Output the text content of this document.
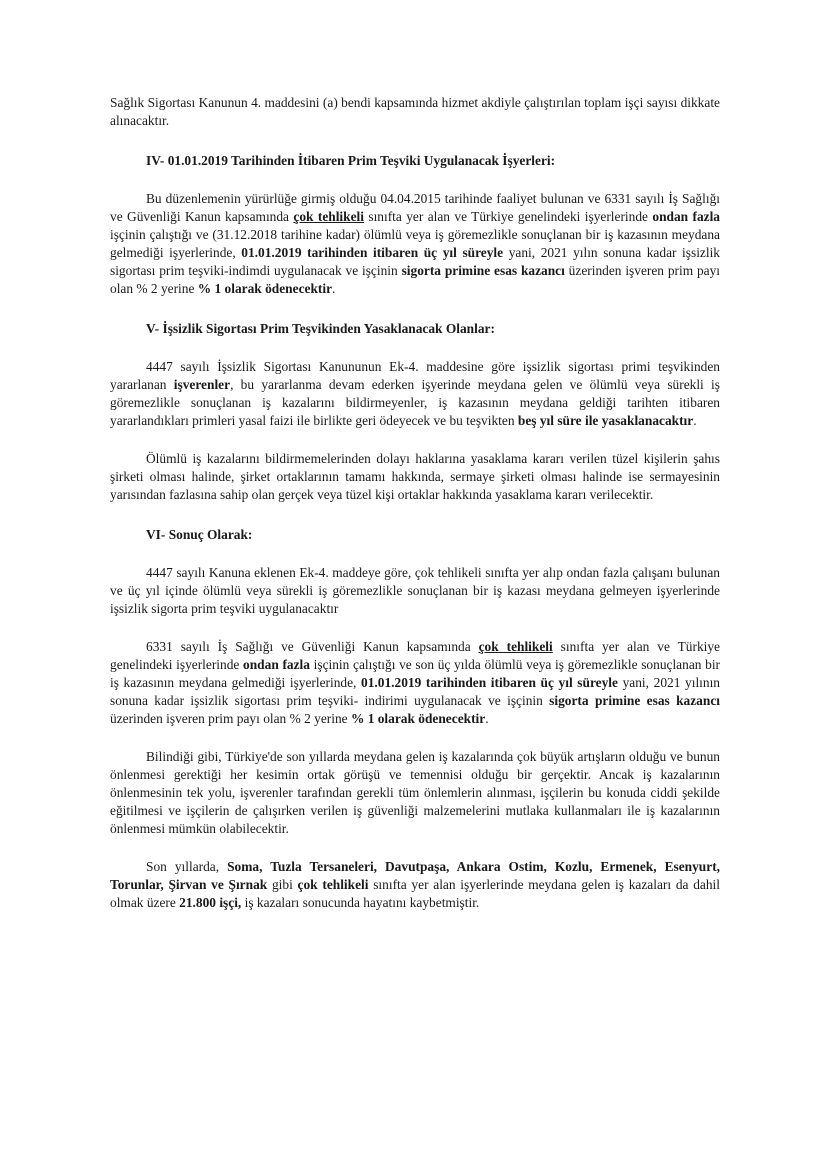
Sağlık Sigortası Kanunun 4. maddesini (a) bendi kapsamında hizmet akdiyle çalıştırılan toplam işçi sayısı dikkate alınacaktır.

IV- 01.01.2019 Tarihinden İtibaren Prim Teşviki Uygulanacak İşyerleri:

Bu düzenlemenin yürürlüğe girmiş olduğu 04.04.2015 tarihinde faaliyet bulunan ve 6331 sayılı İş Sağlığı ve Güvenliği Kanun kapsamında çok tehlikeli sınıfta yer alan ve Türkiye genelindeki işyerlerinde ondan fazla işçinin çalıştığı ve (31.12.2018 tarihine kadar) ölümlü veya iş göremezlikle sonuçlanan bir iş kazasının meydana gelmediği işyerlerinde, 01.01.2019 tarihinden itibaren üç yıl süreyle yani, 2021 yılın sonuna kadar işsizlik sigortası prim teşviki-indimdi uygulanacak ve işçinin sigorta primine esas kazancı üzerinden işveren prim payı olan % 2 yerine % 1 olarak ödenecektir.

V- İşsizlik Sigortası Prim Teşvikinden Yasaklanacak Olanlar:

4447 sayılı İşsizlik Sigortası Kanununun Ek-4. maddesine göre işsizlik sigortası primi teşvikinden yararlanan işverenler, bu yararlanma devam ederken işyerinde meydana gelen ve ölümlü veya sürekli iş göremezlikle sonuçlanan iş kazalarını bildirmeyenler, iş kazasının meydana geldiği tarihten itibaren yararlandıkları primleri yasal faizi ile birlikte geri ödeyecek ve bu teşvikten beş yıl süre ile yasaklanacaktır.

Ölümlü iş kazalarını bildirmemelerinden dolayı haklarına yasaklama kararı verilen tüzel kişilerin şahıs şirketi olması halinde, şirket ortaklarının tamamı hakkında, sermaye şirketi olması halinde ise sermayesinin yarısından fazlasına sahip olan gerçek veya tüzel kişi ortaklar hakkında yasaklama kararı verilecektir.

VI- Sonuç Olarak:

4447 sayılı Kanuna eklenen Ek-4. maddeye göre, çok tehlikeli sınıfta yer alıp ondan fazla çalışanı bulunan ve üç yıl içinde ölümlü veya sürekli iş göremezlikle sonuçlanan bir iş kazası meydana gelmeyen işyerlerinde işsizlik sigorta prim teşviki uygulanacaktır

6331 sayılı İş Sağlığı ve Güvenliği Kanun kapsamında çok tehlikeli sınıfta yer alan ve Türkiye genelindeki işyerlerinde ondan fazla işçinin çalıştığı ve son üç yılda ölümlü veya iş göremezlikle sonuçlanan bir iş kazasının meydana gelmediği işyerlerinde, 01.01.2019 tarihinden itibaren üç yıl süreyle yani, 2021 yılının sonuna kadar işsizlik sigortası prim teşviki- indirimi uygulanacak ve işçinin sigorta primine esas kazancı üzerinden işveren prim payı olan % 2 yerine % 1 olarak ödenecektir.

Bilindiği gibi, Türkiye'de son yıllarda meydana gelen iş kazalarında çok büyük artışların olduğu ve bunun önlenmesi gerektiği her kesimin ortak görüşü ve temennisi olduğu bir gerçektir. Ancak iş kazalarının önlenmesinin tek yolu, işverenler tarafından gerekli tüm önlemlerin alınması, işçilerin bu konuda ciddi şekilde eğitilmesi ve işçilerin de çalışırken verilen iş güvenliği malzemelerini mutlaka kullanmaları ile iş kazalarının önlenmesi mümkün olabilecektir.

Son yıllarda, Soma, Tuzla Tersaneleri, Davutpaşa, Ankara Ostim, Kozlu, Ermenek, Esenyurt, Torunlar, Şirvan ve Şırnak gibi çok tehlikeli sınıfta yer alan işyerlerinde meydana gelen iş kazaları da dahil olmak üzere 21.800 işçi, iş kazaları sonucunda hayatını kaybetmiştir.
